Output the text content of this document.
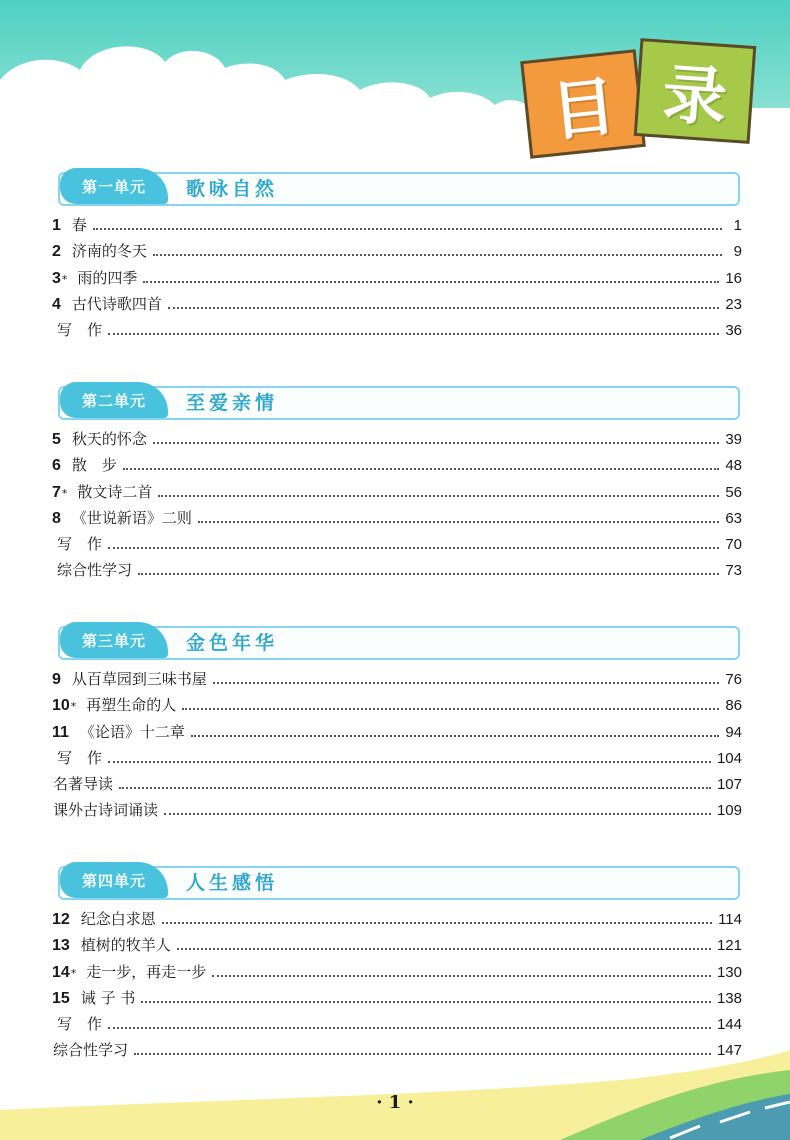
目 录
第一单元	歌咏自然
1 春	1
2 济南的冬天	9
3 * 雨的四季	16
4 古代诗歌四首	23
写　作	36
第二单元	至爱亲情
5 秋天的怀念	39
6 散　步	48
7 * 散文诗二首	56
8 《世说新语》二则	63
写　作	70
综合性学习	73
第三单元	金色年华
9 从百草园到三味书屋	76
10 * 再塑生命的人	86
11 《论语》十二章	94
写　作	104
名著导读	107
课外古诗词诵读	109
第四单元	人生感悟
12 纪念白求恩	114
13 植树的牧羊人	121
14 * 走一步，再走一步	130
15 诫 子 书	138
写　作	144
综合性学习	147
· 1 ·
